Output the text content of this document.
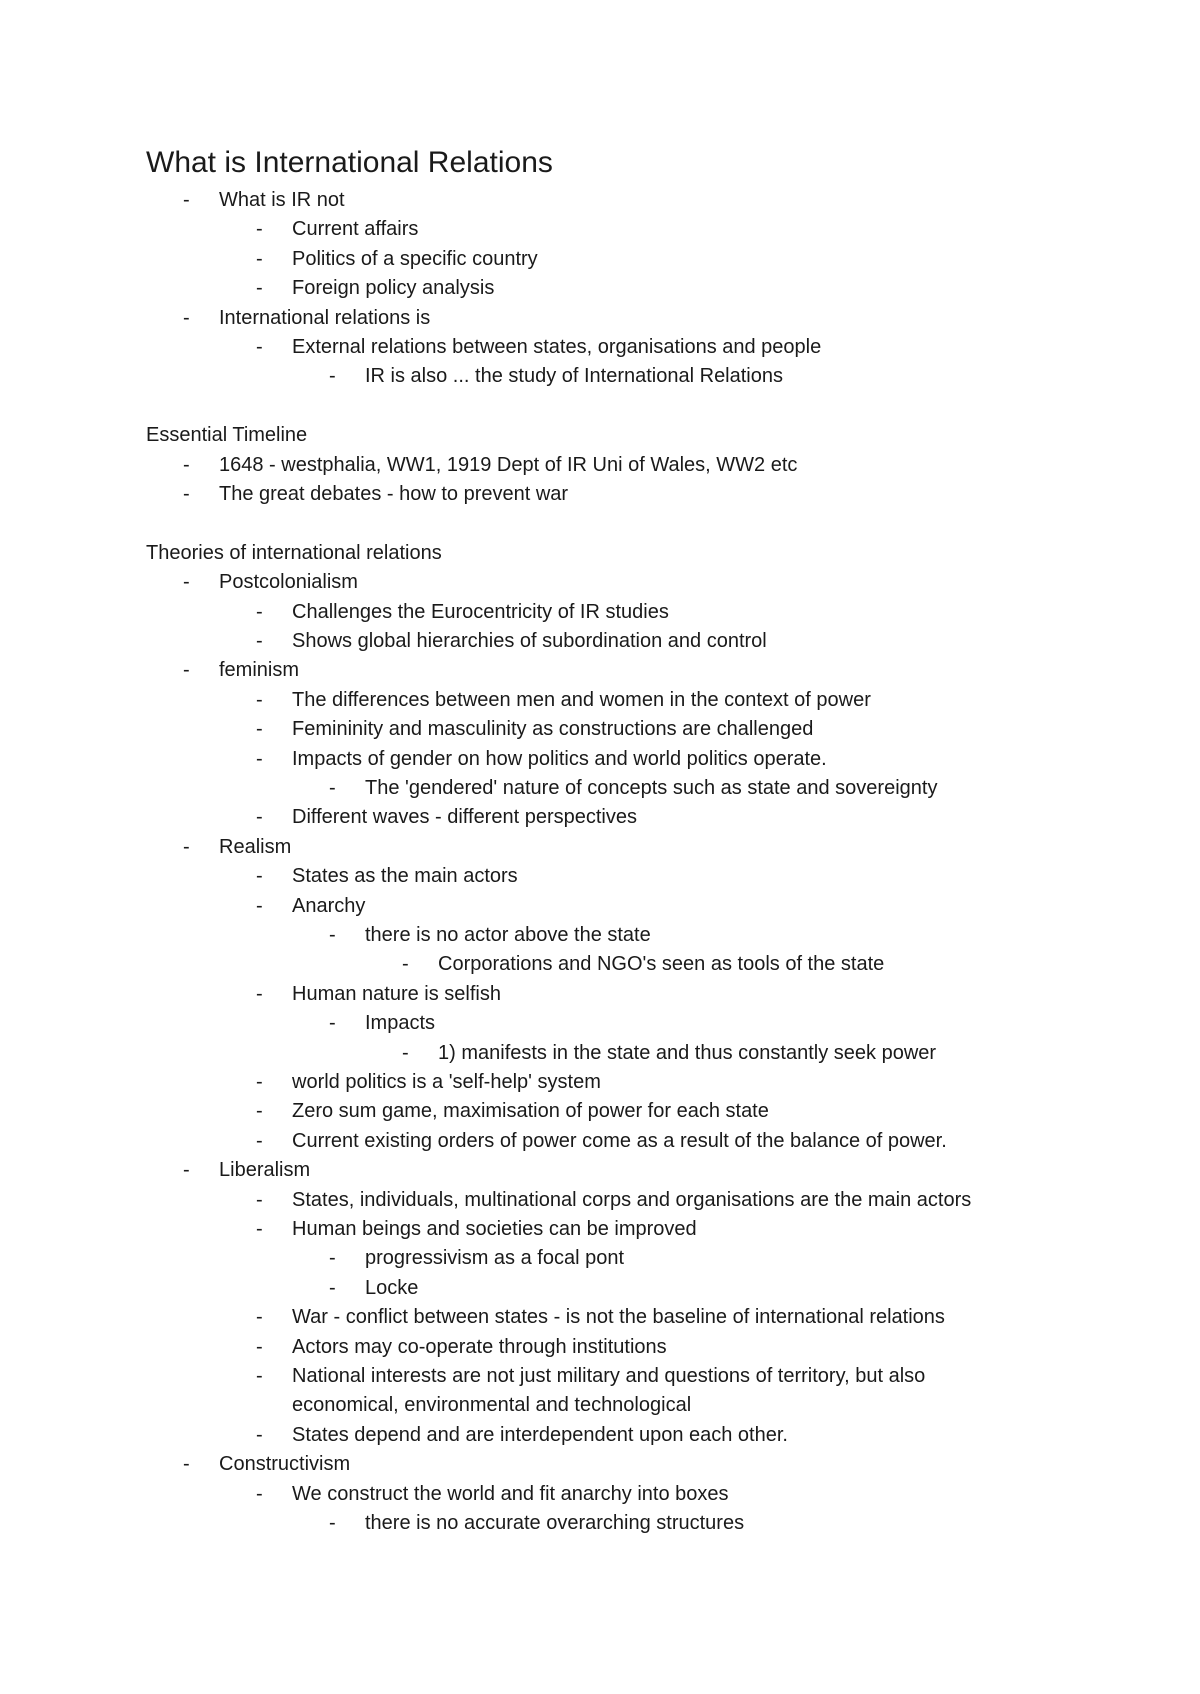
What is International Relations
- What is IR not
- Current affairs
- Politics of a specific country
- Foreign policy analysis
- International relations is
- External relations between states, organisations and people
- IR is also ... the study of International Relations
Essential Timeline
- 1648 - westphalia, WW1, 1919 Dept of IR Uni of Wales, WW2 etc
- The great debates - how to prevent war
Theories of international relations
- Postcolonialism
- Challenges the Eurocentricity of IR studies
- Shows global hierarchies of subordination and control
- feminism
- The differences between men and women in the context of power
- Femininity and masculinity as constructions are challenged
- Impacts of gender on how politics and world politics operate.
- The 'gendered' nature of concepts such as state and sovereignty
- Different waves - different perspectives
- Realism
- States as the main actors
- Anarchy
- there is no actor above the state
- Corporations and NGO's seen as tools of the state
- Human nature is selfish
- Impacts
- 1) manifests in the state and thus constantly seek power
- world politics is a 'self-help' system
- Zero sum game, maximisation of power for each state
- Current existing orders of power come as a result of the balance of power.
- Liberalism
- States, individuals, multinational corps and organisations are the main actors
- Human beings and societies can be improved
- progressivism as a focal pont
- Locke
- War - conflict between states - is not the baseline of international relations
- Actors may co-operate through institutions
- National interests are not just military and questions of territory, but also
economical, environmental and technological
- States depend and are interdependent upon each other.
- Constructivism
- We construct the world and fit anarchy into boxes
- there is no accurate overarching structures
